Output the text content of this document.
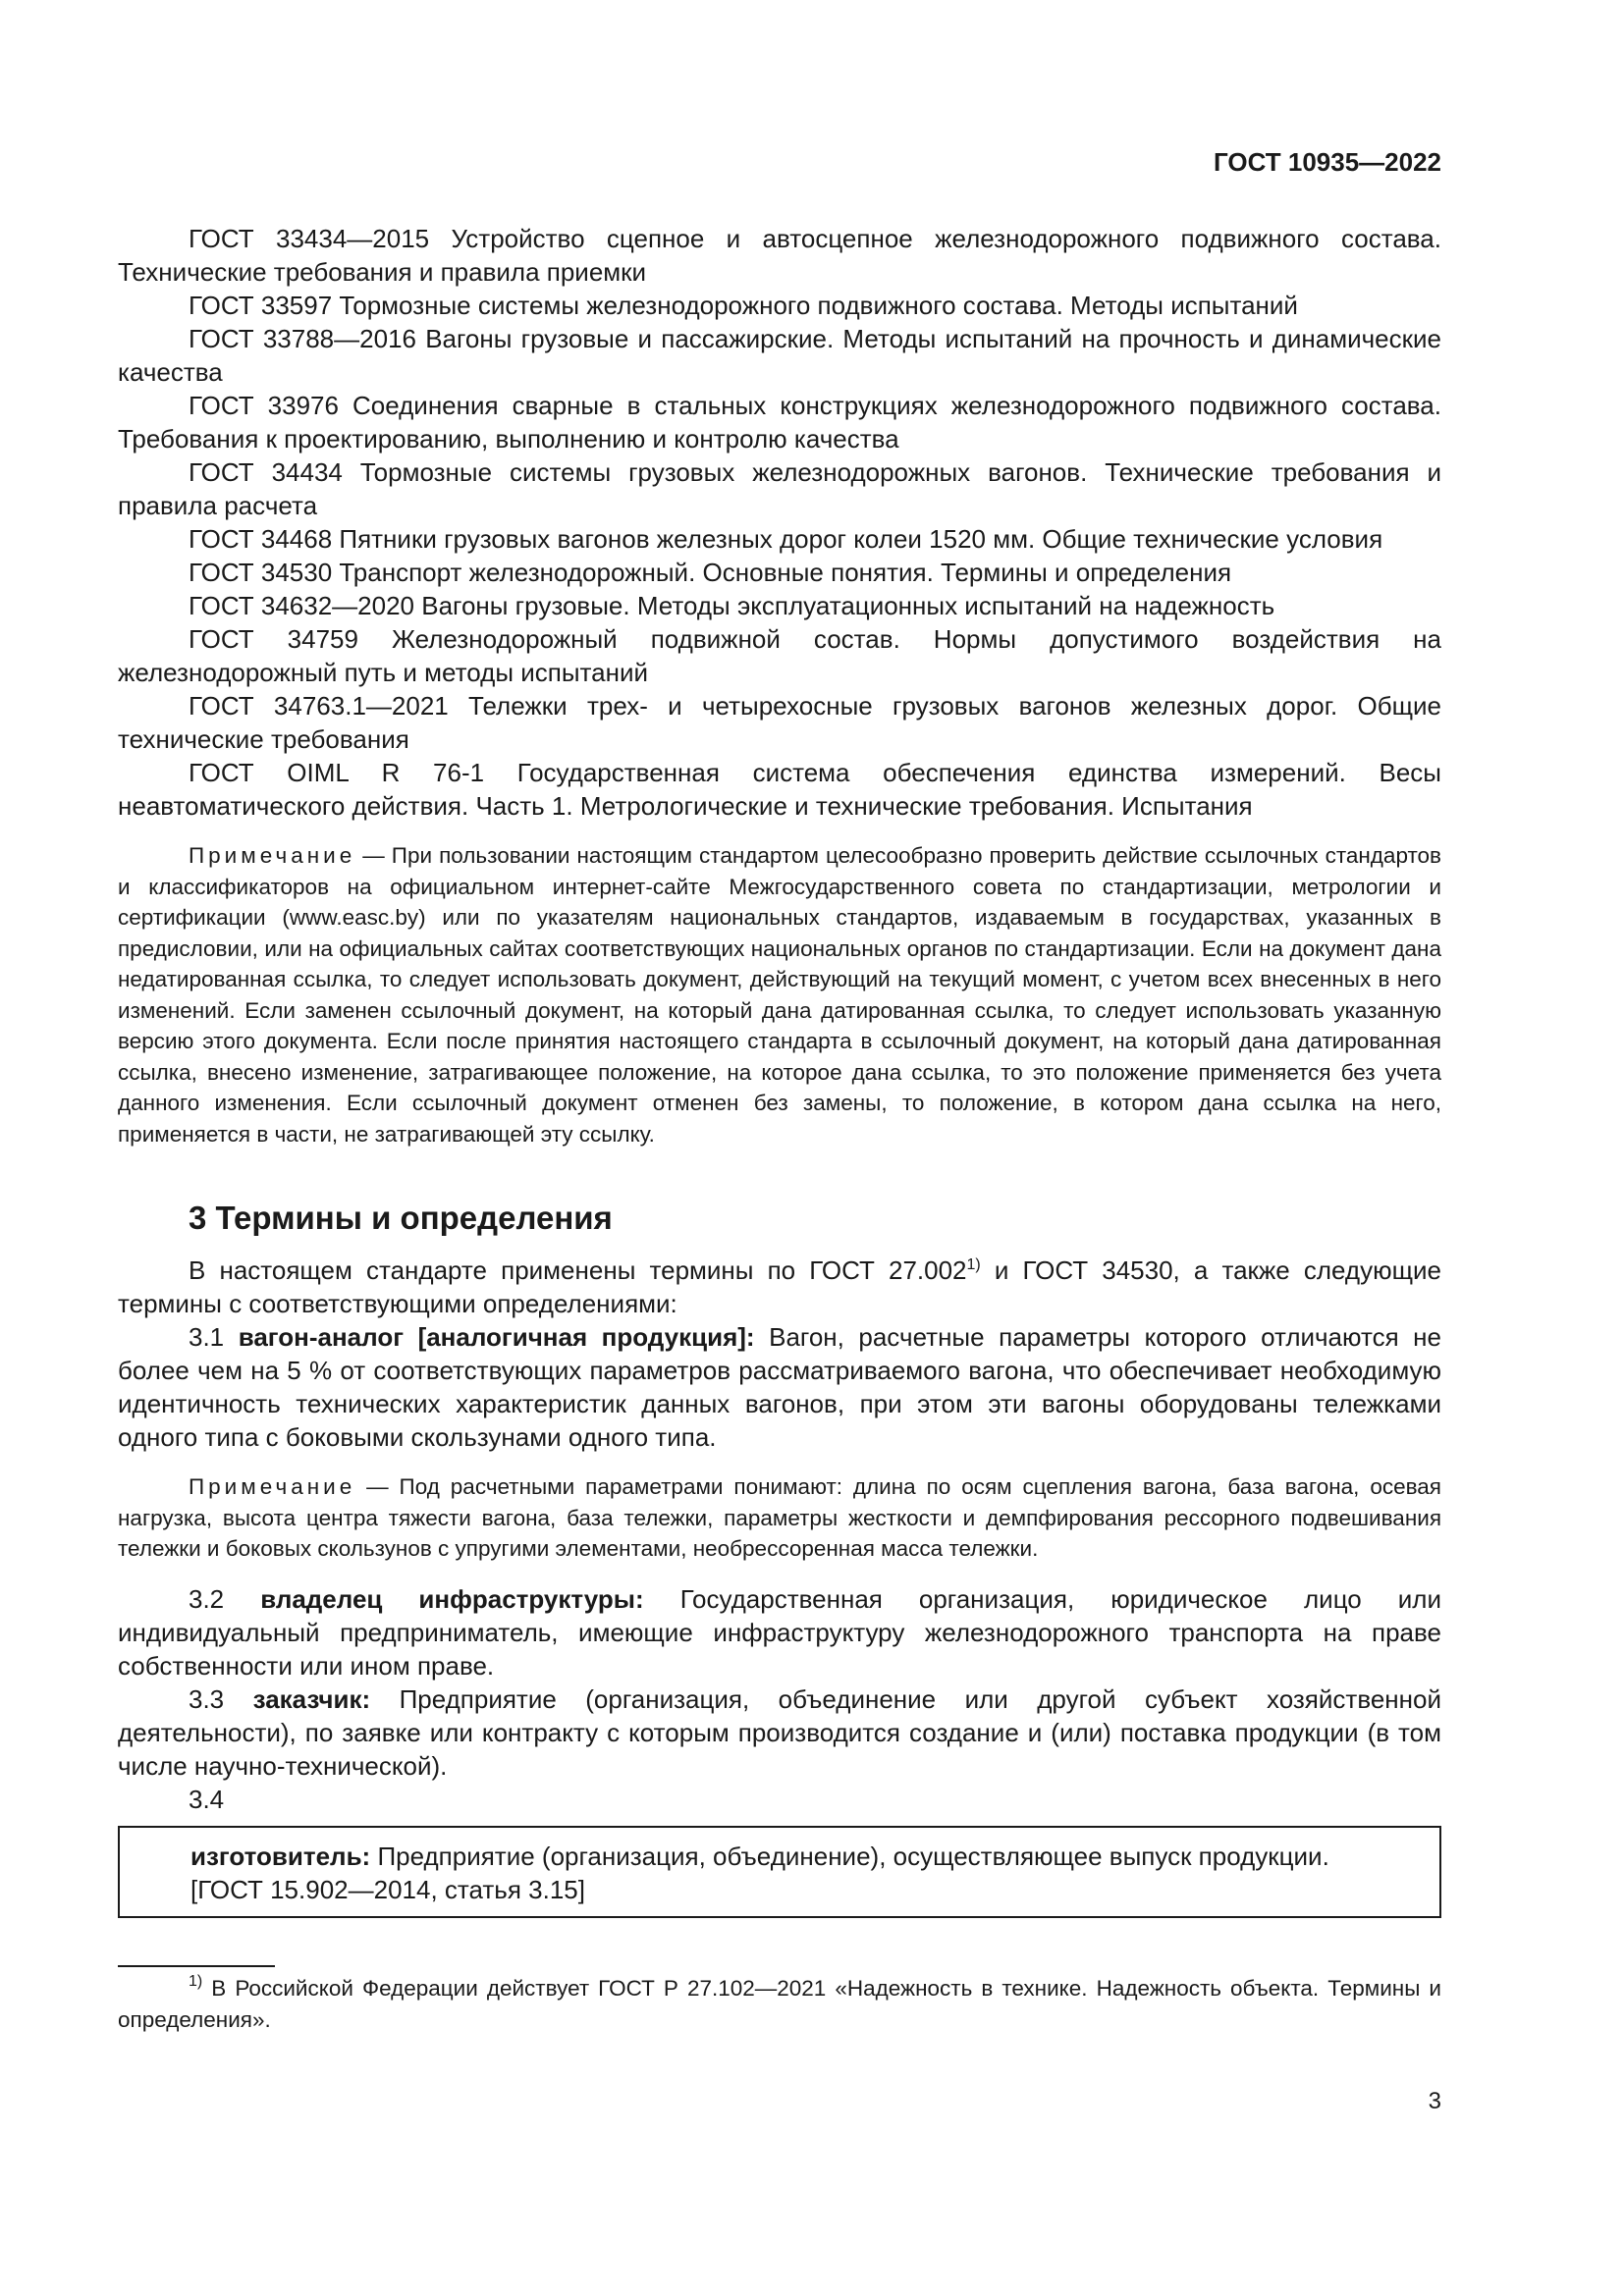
ГОСТ 10935—2022

ГОСТ 33434—2015 Устройство сцепное и автосцепное железнодорожного подвижного состава. Технические требования и правила приемки

ГОСТ 33597 Тормозные системы железнодорожного подвижного состава. Методы испытаний

ГОСТ 33788—2016 Вагоны грузовые и пассажирские. Методы испытаний на прочность и динамические качества

ГОСТ 33976 Соединения сварные в стальных конструкциях железнодорожного подвижного состава. Требования к проектированию, выполнению и контролю качества

ГОСТ 34434 Тормозные системы грузовых железнодорожных вагонов. Технические требования и правила расчета

ГОСТ 34468 Пятники грузовых вагонов железных дорог колеи 1520 мм. Общие технические условия

ГОСТ 34530 Транспорт железнодорожный. Основные понятия. Термины и определения

ГОСТ 34632—2020 Вагоны грузовые. Методы эксплуатационных испытаний на надежность

ГОСТ 34759 Железнодорожный подвижной состав. Нормы допустимого воздействия на железнодорожный путь и методы испытаний

ГОСТ 34763.1—2021 Тележки трех- и четырехосные грузовых вагонов железных дорог. Общие технические требования

ГОСТ OIML R 76-1 Государственная система обеспечения единства измерений. Весы неавтоматического действия. Часть 1. Метрологические и технические требования. Испытания

Примечание — При пользовании настоящим стандартом целесообразно проверить действие ссылочных стандартов и классификаторов на официальном интернет-сайте Межгосударственного совета по стандартизации, метрологии и сертификации (www.easc.by) или по указателям национальных стандартов, издаваемым в государствах, указанных в предисловии, или на официальных сайтах соответствующих национальных органов по стандартизации. Если на документ дана недатированная ссылка, то следует использовать документ, действующий на текущий момент, с учетом всех внесенных в него изменений. Если заменен ссылочный документ, на который дана датированная ссылка, то следует использовать указанную версию этого документа. Если после принятия настоящего стандарта в ссылочный документ, на который дана датированная ссылка, внесено изменение, затрагивающее положение, на которое дана ссылка, то это положение применяется без учета данного изменения. Если ссылочный документ отменен без замены, то положение, в котором дана ссылка на него, применяется в части, не затрагивающей эту ссылку.

3 Термины и определения

В настоящем стандарте применены термины по ГОСТ 27.002$^{1)}$ и ГОСТ 34530, а также следующие термины с соответствующими определениями:

3.1 вагон-аналог [аналогичная продукция]: Вагон, расчетные параметры которого отличаются не более чем на 5 % от соответствующих параметров рассматриваемого вагона, что обеспечивает необходимую идентичность технических характеристик данных вагонов, при этом эти вагоны оборудованы тележками одного типа с боковыми скользунами одного типа.

Примечание — Под расчетными параметрами понимают: длина по осям сцепления вагона, база вагона, осевая нагрузка, высота центра тяжести вагона, база тележки, параметры жесткости и демпфирования рессорного подвешивания тележки и боковых скользунов с упругими элементами, необрессоренная масса тележки.

3.2 владелец инфраструктуры: Государственная организация, юридическое лицо или индивидуальный предприниматель, имеющие инфраструктуру железнодорожного транспорта на праве собственности или ином праве.

3.3 заказчик: Предприятие (организация, объединение или другой субъект хозяйственной деятельности), по заявке или контракту с которым производится создание и (или) поставка продукции (в том числе научно-технической).

3.4

изготовитель: Предприятие (организация, объединение), осуществляющее выпуск продукции.
[ГОСТ 15.902—2014, статья 3.15]
$^{1)}$ В Российской Федерации действует ГОСТ Р 27.102—2021 «Надежность в технике. Надежность объекта. Термины и определения».
3
